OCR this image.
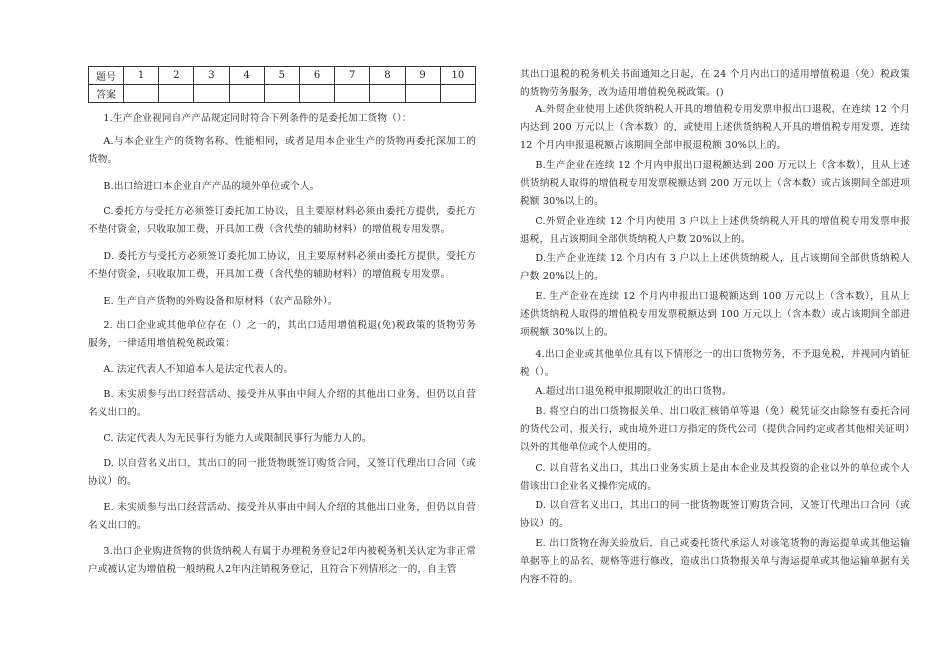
题号	1	2	3	4	5	6	7	8	9	10
答案										

1.生产企业视同自产产品规定同时符合下列条件的是委托加工货物（）：

A.与本企业生产的货物名称、性能相同，或者是用本企业生产的货物再委托深加工的货物。

B.出口给进口本企业自产产品的境外单位或个人。

C.委托方与受托方必须签订委托加工协议，且主要原材料必须由委托方提供，委托方不垫付资金，只收取加工费，开具加工费（含代垫的辅助材料）的增值税专用发票。

D. 委托方与受托方必须签订委托加工协议，且主要原材料必须由委托方提供，受托方不垫付资金，只收取加工费，开具加工费（含代垫的辅助材料）的增值税专用发票。

E. 生产自产货物的外购设备和原材料（农产品除外）。

2. 出口企业或其他单位存在（）之一的，其出口适用增值税退(免)税政策的货物劳务服务，一律适用增值税免税政策：

A. 法定代表人不知道本人是法定代表人的。

B. 未实质参与出口经营活动、接受并从事由中间人介绍的其他出口业务，但仍以自营名义出口的。

C. 法定代表人为无民事行为能力人或限制民事行为能力人的。

D. 以自营名义出口，其出口的同一批货物既签订购货合同，又签订代理出口合同（或协议）的。

E. 未实质参与出口经营活动、接受并从事由中间人介绍的其他出口业务，但仍以自营名义出口的。

3.出口企业购进货物的供货纳税人有属于办理税务登记2年内被税务机关认定为非正常户或被认定为增值税一般纳税人2年内注销税务登记，且符合下列情形之一的，自主管

其出口退税的税务机关书面通知之日起，在 24 个月内出口的适用增值税退（免）税政策的货物劳务服务，改为适用增值税免税政策。()

A.外贸企业使用上述供货纳税人开具的增值税专用发票申报出口退税，在连续 12 个月内达到 200 万元以上（含本数）的，或使用上述供货纳税人开具的增值税专用发票，连续 12 个月内申报退税额占该期间全部申报退税额 30%以上的。

B.生产企业在连续 12 个月内申报出口退税额达到 200 万元以上（含本数），且从上述供货纳税人取得的增值税专用发票税额达到 200 万元以上（含本数）或占该期间全部进项税额 30%以上的。

C.外贸企业连续 12 个月内使用 3 户以上上述供货纳税人开具的增值税专用发票申报退税，且占该期间全部供货纳税人户数 20%以上的。

D.生产企业连续 12 个月内有 3 户以上上述供货纳税人，且占该期间全部供货纳税人户数 20%以上的。

E. 生产企业在连续 12 个月内申报出口退税额达到 100 万元以上（含本数），且从上述供货纳税人取得的增值税专用发票税额达到 100 万元以上（含本数）或占该期间全部进项税额 30%以上的。

4.出口企业或其他单位具有以下情形之一的出口货物劳务，不予退免税，并视同内销征税（）。

A.超过出口退免税申报期限收汇的出口货物。

B. 将空白的出口货物报关单、出口收汇核销单等退（免）税凭证交由除签有委托合同的货代公司、报关行，或由境外进口方指定的货代公司（提供合同约定或者其他相关证明）以外的其他单位或个人使用的。

C. 以自营名义出口，其出口业务实质上是由本企业及其投资的企业以外的单位或个人借该出口企业名义操作完成的。

D. 以自营名义出口，其出口的同一批货物既签订购货合同，又签订代理出口合同（或协议）的。

E. 出口货物在海关验放后，自己或委托货代承运人对该笔货物的海运提单或其他运输单据等上的品名、规格等进行修改，造成出口货物报关单与海运提单或其他运输单据有关内容不符的。
